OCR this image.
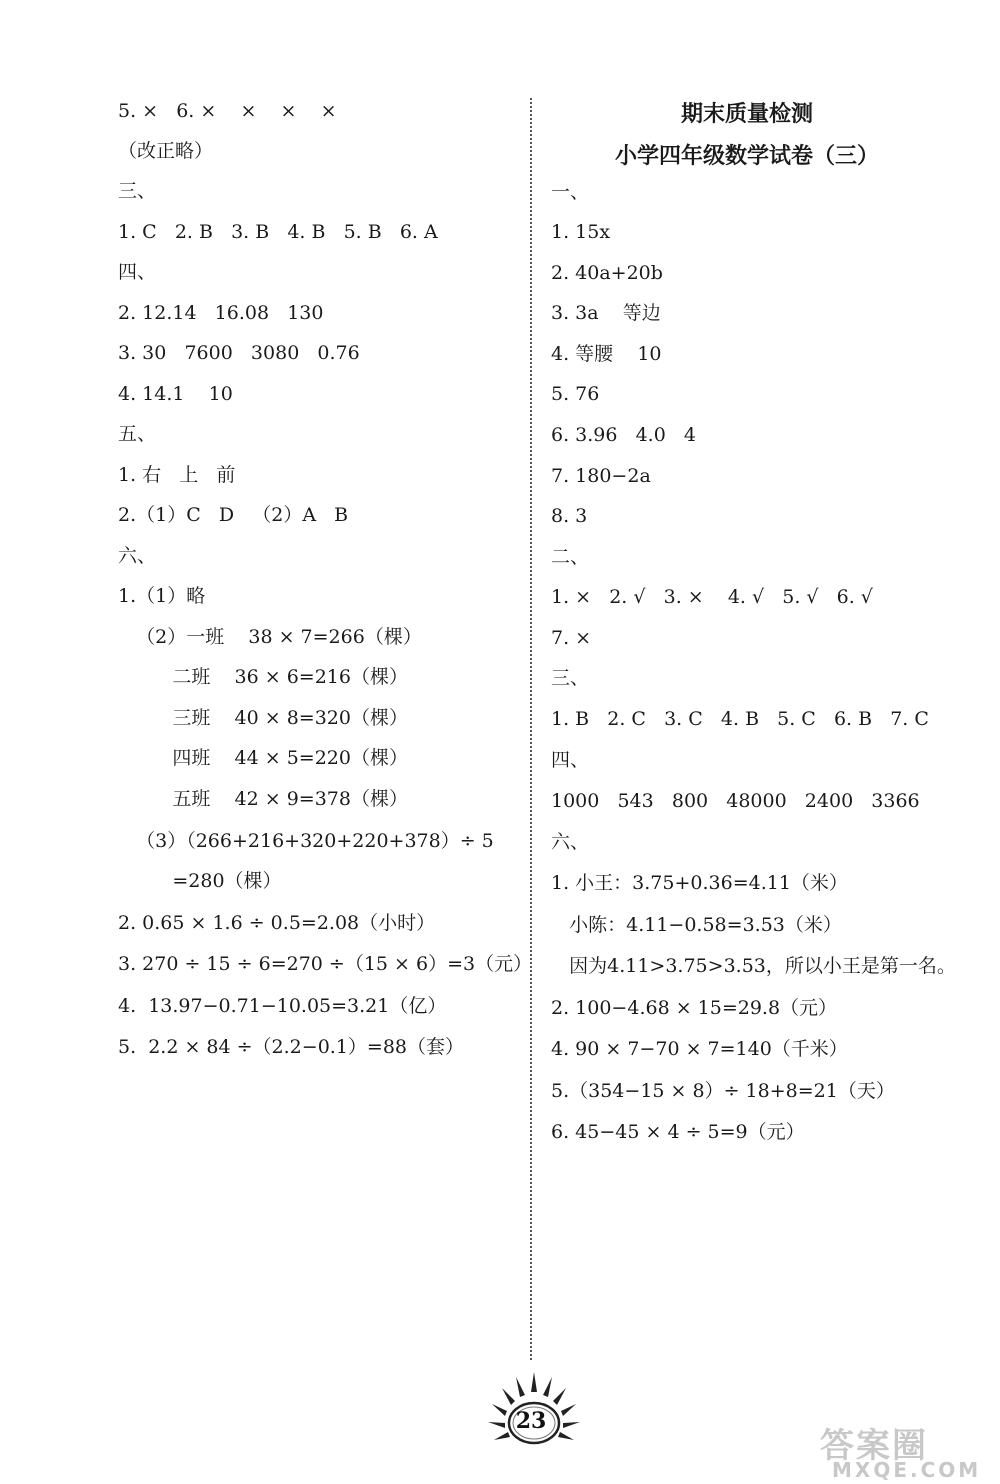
5. ×   6. ×    ×    ×    ×
（改正略）
三、
1. C   2. B   3. B   4. B   5. B   6. A
四、
2. 12.14   16.08   130
3. 30   7600   3080   0.76
4. 14.1    10
五、
1. 右   上   前
2.（1）C   D   （2）A   B
六、
1.（1）略
（2）一班    38 × 7=266（棵）
二班    36 × 6=216（棵）
三班    40 × 8=320（棵）
四班    44 × 5=220（棵）
五班    42 × 9=378（棵）
（3）（266+216+320+220+378）÷ 5
=280（棵）
2. 0.65 × 1.6 ÷ 0.5=2.08（小时）
3. 270 ÷ 15 ÷ 6=270 ÷（15 × 6）=3（元）
4.  13.97−0.71−10.05=3.21（亿）
5.  2.2 × 84 ÷（2.2−0.1）=88（套）
期末质量检测
小学四年级数学试卷（三）
一、
1. 15x
2. 40a+20b
3. 3a    等边
4. 等腰    10
5. 76
6. 3.96   4.0   4
7. 180−2a
8. 3
二、
1. ×   2. √   3. ×    4. √   5. √   6. √
7. ×
三、
1. B   2. C   3. C   4. B   5. C   6. B   7. C
四、
1000   543   800   48000   2400   3366
六、
1. 小王：3.75+0.36=4.11（米）
小陈：4.11−0.58=3.53（米）
因为4.11>3.75>3.53，所以小王是第一名。
2. 100−4.68 × 15=29.8（元）
4. 90 × 7−70 × 7=140（千米）
5.（354−15 × 8）÷ 18+8=21（天）
6. 45−45 × 4 ÷ 5=9（元）
23
答案圈
MXQE.COM
